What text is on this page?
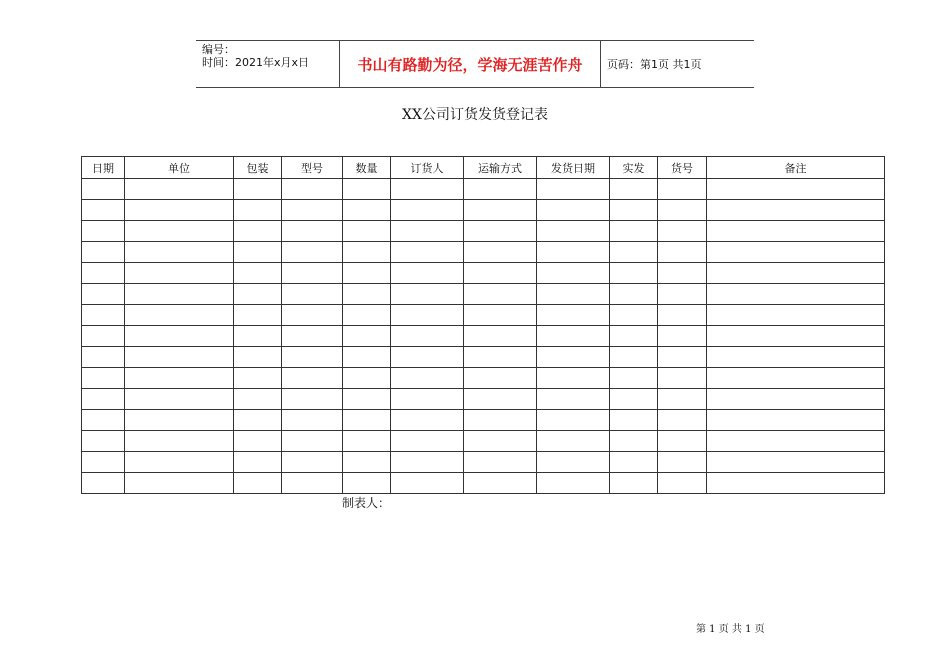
编号：
时间：2021年x月x日	书山有路勤为径，学海无涯苦作舟	页码：第1页 共1页
XX公司订货发货登记表
日期	单位	包装	型号	数量	订货人	运输方式	发货日期	实发	货号	备注

制表人：
第 1 页 共 1 页
